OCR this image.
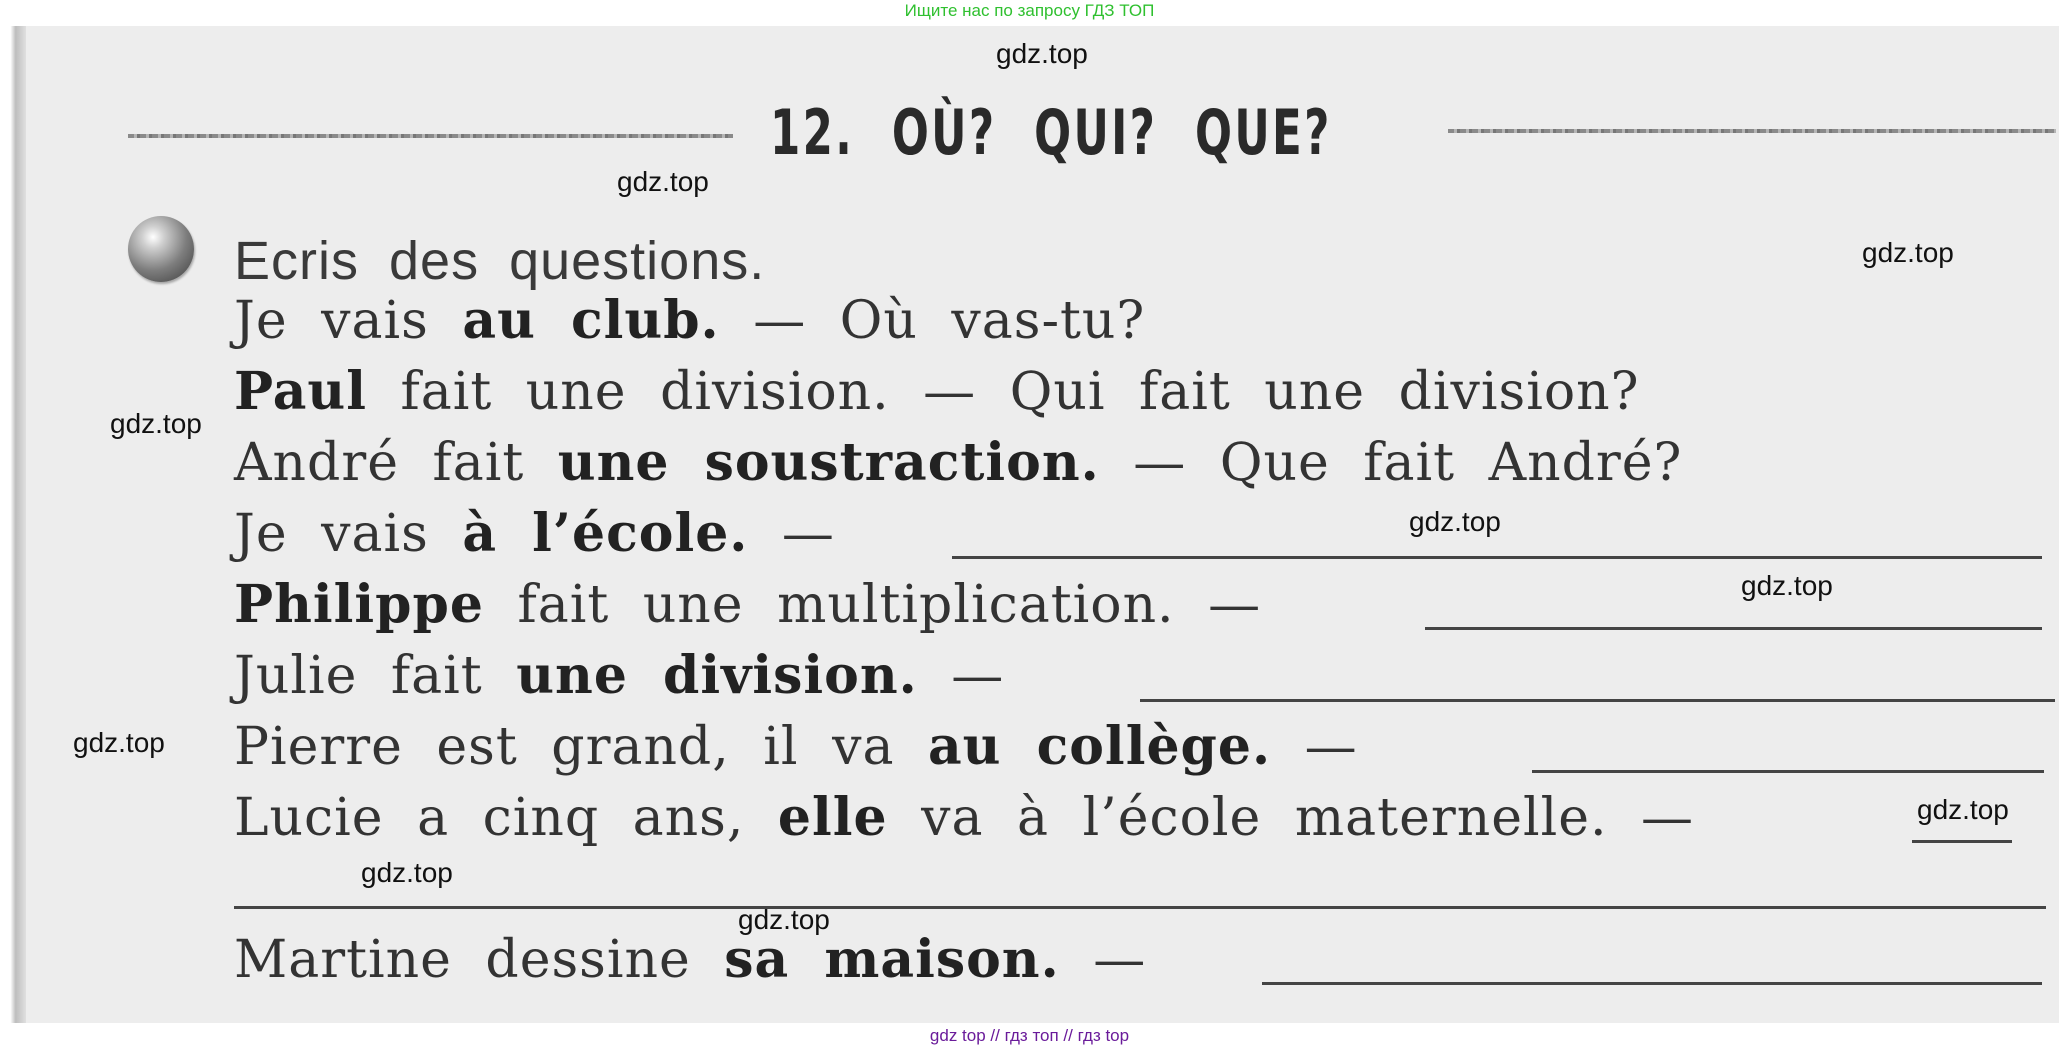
Ищите нас по запросу ГДЗ ТОП
12. OÙ? QUI? QUE?
Ecris des questions.
Je vais au club. — Où vas-tu?
Paul fait une division. — Qui fait une division?
André fait une soustraction. — Que fait André?
Je vais à l’école. —
Philippe fait une multiplication. —
Julie fait une division. —
Pierre est grand, il va au collège. —
Lucie a cinq ans, elle va à l’école maternelle. —
Martine dessine sa maison. —
gdz.top
gdz.top
gdz.top
gdz.top
gdz.top
gdz.top
gdz.top
gdz.top
gdz.top
gdz.top
gdz top // гдз топ // гдз top
